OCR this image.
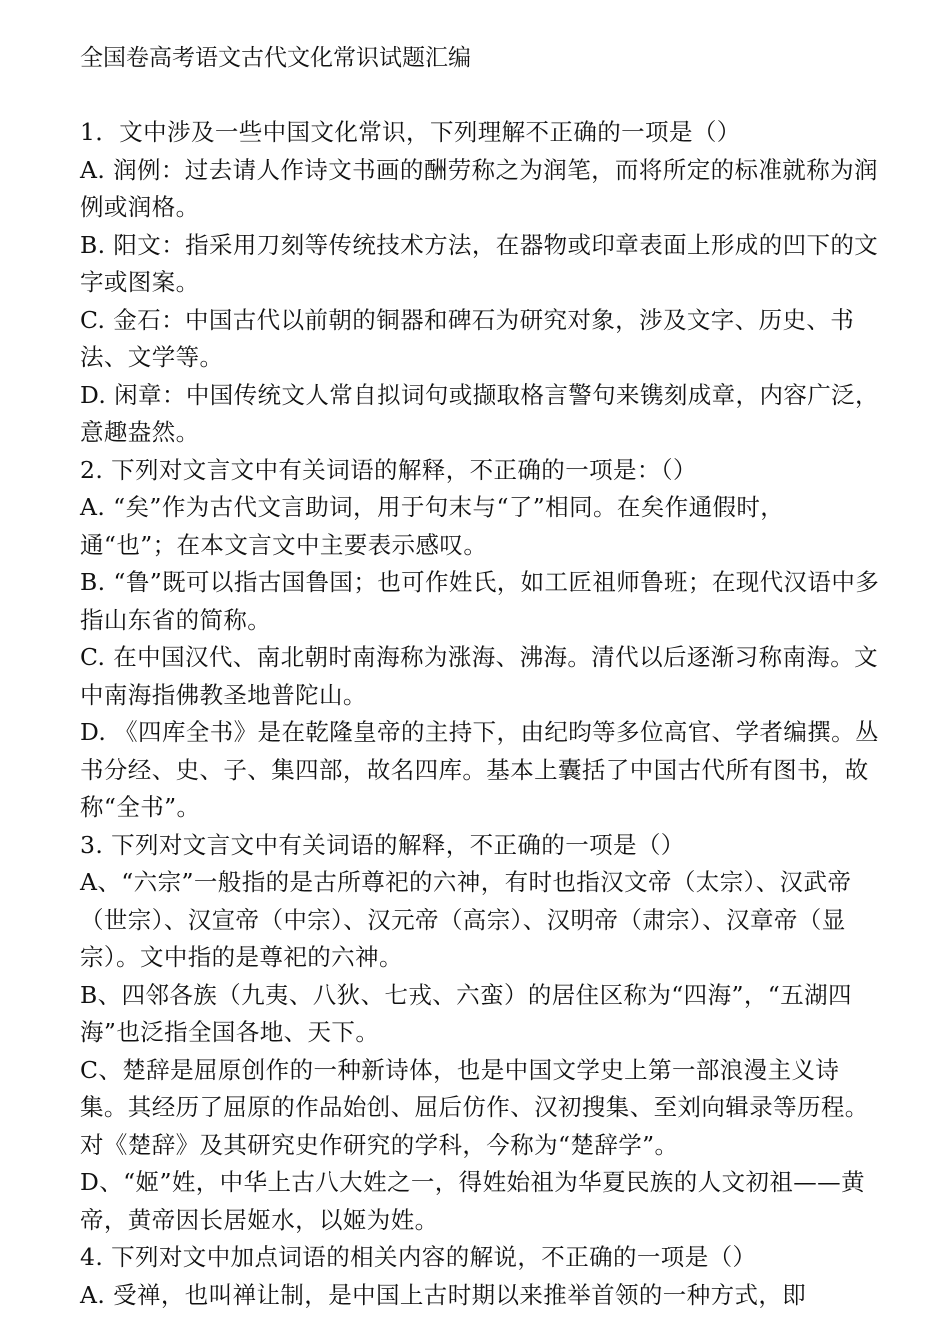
全国卷高考语文古代文化常识试题汇编

1．文中涉及一些中国文化常识，下列理解不正确的一项是（）

A. 润例：过去请人作诗文书画的酬劳称之为润笔，而将所定的标准就称为润例或润格。

B. 阳文：指采用刀刻等传统技术方法，在器物或印章表面上形成的凹下的文字或图案。

C. 金石：中国古代以前朝的铜器和碑石为研究对象，涉及文字、历史、书法、文学等。

D. 闲章：中国传统文人常自拟词句或撷取格言警句来镌刻成章，内容广泛，意趣盎然。

2. 下列对文言文中有关词语的解释，不正确的一项是：（）

A. “矣”作为古代文言助词，用于句末与“了”相同。在矣作通假时，通“也”；在本文言文中主要表示感叹。

B. “鲁”既可以指古国鲁国；也可作姓氏，如工匠祖师鲁班；在现代汉语中多指山东省的简称。

C. 在中国汉代、南北朝时南海称为涨海、沸海。清代以后逐渐习称南海。文中南海指佛教圣地普陀山。

D. 《四库全书》是在乾隆皇帝的主持下，由纪昀等多位高官、学者编撰。丛书分经、史、子、集四部，故名四库。基本上囊括了中国古代所有图书，故称“全书”。

3. 下列对文言文中有关词语的解释，不正确的一项是（）

A、“六宗”一般指的是古所尊祀的六神，有时也指汉文帝（太宗）、汉武帝（世宗）、汉宣帝（中宗）、汉元帝（高宗）、汉明帝（肃宗）、汉章帝（显宗）。文中指的是尊祀的六神。

B、四邻各族（九夷、八狄、七戎、六蛮）的居住区称为“四海”，“五湖四海”也泛指全国各地、天下。

C、楚辞是屈原创作的一种新诗体，也是中国文学史上第一部浪漫主义诗集。其经历了屈原的作品始创、屈后仿作、汉初搜集、至刘向辑录等历程。对《楚辞》及其研究史作研究的学科，今称为“楚辞学”。

D、“姬”姓，中华上古八大姓之一，得姓始祖为华夏民族的人文初祖——黄帝，黄帝因长居姬水，以姬为姓。

4. 下列对文中加点词语的相关内容的解说，不正确的一项是（）

A. 受禅，也叫禅让制，是中国上古时期以来推举首领的一种方式，即
